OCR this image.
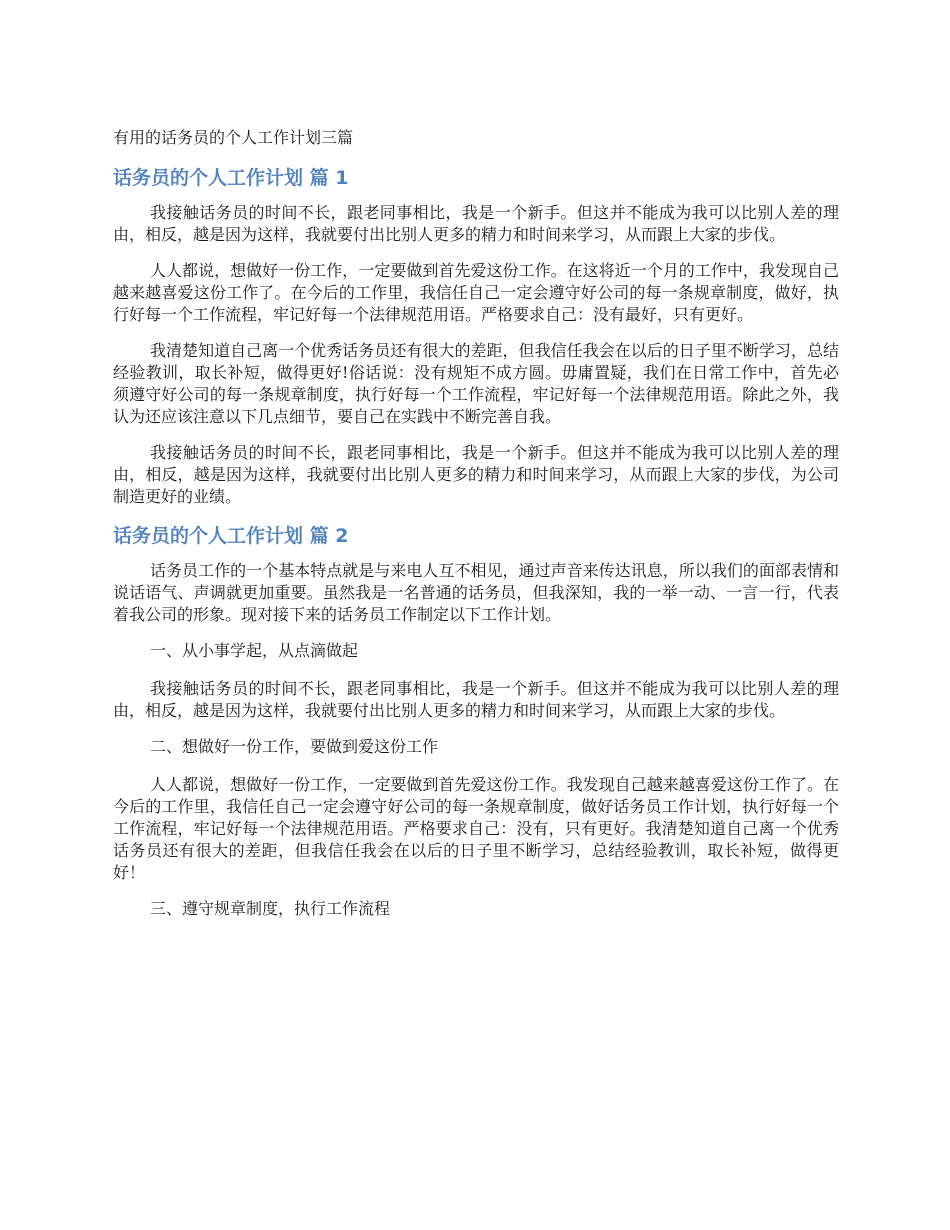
有用的话务员的个人工作计划三篇
话务员的个人工作计划 篇 1

我接触话务员的时间不长，跟老同事相比，我是一个新手。但这并不能成为我可以比别人差的理由，相反，越是因为这样，我就要付出比别人更多的精力和时间来学习，从而跟上大家的步伐。

人人都说，想做好一份工作，一定要做到首先爱这份工作。在这将近一个月的工作中，我发现自己越来越喜爱这份工作了。在今后的工作里，我信任自己一定会遵守好公司的每一条规章制度，做好，执行好每一个工作流程，牢记好每一个法律规范用语。严格要求自己：没有最好，只有更好。

我清楚知道自己离一个优秀话务员还有很大的差距，但我信任我会在以后的日子里不断学习，总结经验教训，取长补短，做得更好!俗话说：没有规矩不成方圆。毋庸置疑，我们在日常工作中，首先必须遵守好公司的每一条规章制度，执行好每一个工作流程，牢记好每一个法律规范用语。除此之外，我认为还应该注意以下几点细节，要自己在实践中不断完善自我。

我接触话务员的时间不长，跟老同事相比，我是一个新手。但这并不能成为我可以比别人差的理由，相反，越是因为这样，我就要付出比别人更多的精力和时间来学习，从而跟上大家的步伐，为公司制造更好的业绩。

话务员的个人工作计划 篇 2

话务员工作的一个基本特点就是与来电人互不相见，通过声音来传达讯息，所以我们的面部表情和说话语气、声调就更加重要。虽然我是一名普通的话务员，但我深知，我的一举一动、一言一行，代表着我公司的形象。现对接下来的话务员工作制定以下工作计划。

一、从小事学起，从点滴做起

我接触话务员的时间不长，跟老同事相比，我是一个新手。但这并不能成为我可以比别人差的理由，相反，越是因为这样，我就要付出比别人更多的精力和时间来学习，从而跟上大家的步伐。

二、想做好一份工作，要做到爱这份工作

人人都说，想做好一份工作，一定要做到首先爱这份工作。我发现自己越来越喜爱这份工作了。在今后的工作里，我信任自己一定会遵守好公司的每一条规章制度，做好话务员工作计划，执行好每一个工作流程，牢记好每一个法律规范用语。严格要求自己：没有，只有更好。我清楚知道自己离一个优秀话务员还有很大的差距，但我信任我会在以后的日子里不断学习，总结经验教训，取长补短，做得更好！

三、遵守规章制度，执行工作流程
